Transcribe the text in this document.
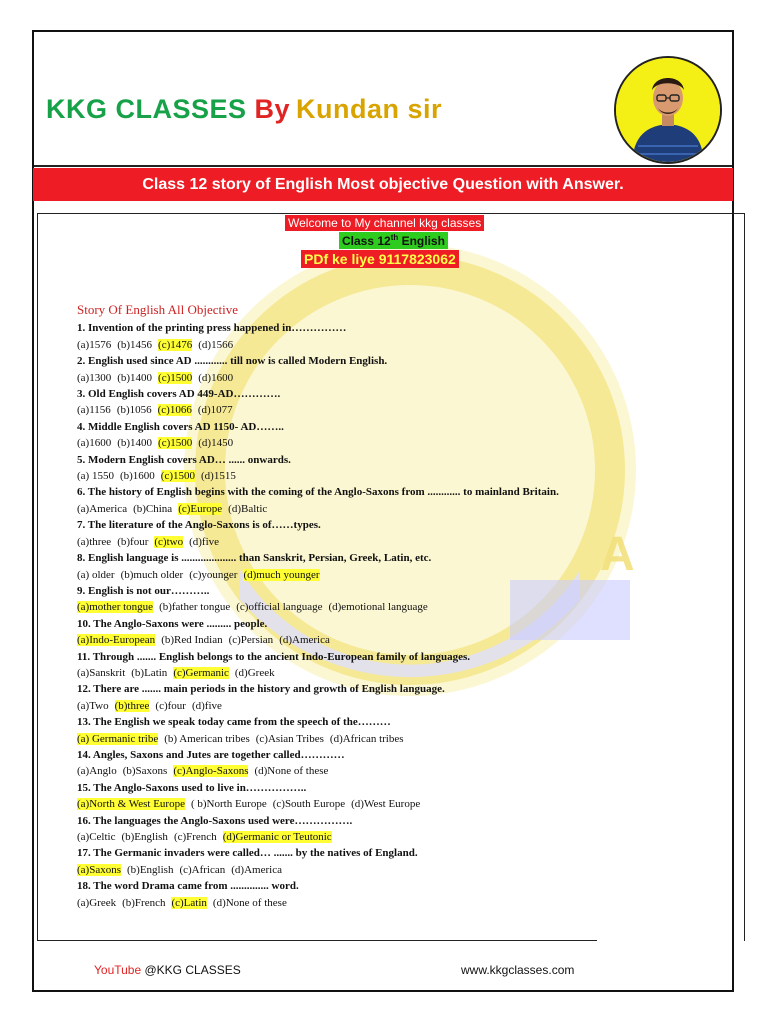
KKG CLASSES By Kundan sir
Class 12 story of English Most objective Question with Answer.
A
Welcome to My channel kkg classes
Class 12th English
PDf ke liye 9117823062
Story Of English All Objective
1. Invention of the printing press happened in……………
(a)1576 (b)1456 (c)1476 (d)1566
2. English used since AD ............ till now is called Modern English.
(a)1300 (b)1400 (c)1500 (d)1600
3. Old English covers AD 449-AD………….
(a)1156 (b)1056 (c)1066 (d)1077
4. Middle English covers AD 1150- AD……..
(a)1600 (b)1400 (c)1500 (d)1450
5. Modern English covers AD… ...... onwards.
(a) 1550 (b)1600 (c)1500 (d)1515
6. The history of English begins with the coming of the Anglo-Saxons from ............ to mainland Britain.
(a)America (b)China (c)Europe (d)Baltic
7. The literature of the Anglo-Saxons is of……types.
(a)three (b)four (c)two (d)five
8. English language is .................... than Sanskrit, Persian, Greek, Latin, etc.
(a) older (b)much older (c)younger (d)much younger
9. English is not our………..
(a)mother tongue (b)father tongue (c)official language (d)emotional language
10. The Anglo-Saxons were ......... people.
(a)Indo-European (b)Red Indian (c)Persian (d)America
11. Through ....... English belongs to the ancient Indo-European family of languages.
(a)Sanskrit (b)Latin (c)Germanic (d)Greek
12. There are ....... main periods in the history and growth of English language.
(a)Two (b)three (c)four (d)five
13. The English we speak today came from the speech of the………
(a) Germanic tribe (b) American tribes (c)Asian Tribes (d)African tribes
14. Angles, Saxons and Jutes are together called…………
(a)Anglo (b)Saxons (c)Anglo-Saxons (d)None of these
15. The Anglo-Saxons used to live in……………..
(a)North & West Europe ( b)North Europe (c)South Europe (d)West Europe
16. The languages the Anglo-Saxons used were…………….
(a)Celtic (b)English (c)French (d)Germanic or Teutonic
17. The Germanic invaders were called… ....... by the natives of England.
(a)Saxons (b)English (c)African (d)America
18. The word Drama came from .............. word.
(a)Greek (b)French (c)Latin (d)None of these
YouTube @KKG CLASSES	www.kkgclasses.com
